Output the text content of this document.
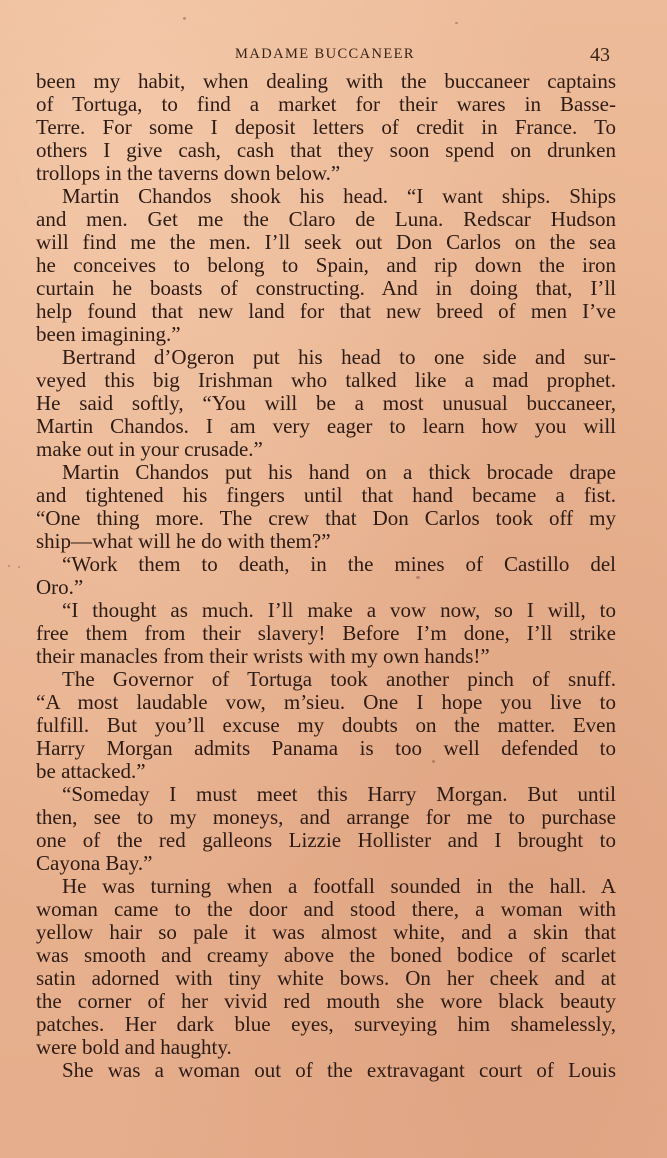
MADAME BUCCANEER	43
been my habit, when dealing with the buccaneer captains
of Tortuga, to find a market for their wares in Basse-
Terre. For some I deposit letters of credit in France. To
others I give cash, cash that they soon spend on drunken
trollops in the taverns down below.”
Martin Chandos shook his head. “I want ships. Ships
and men. Get me the Claro de Luna. Redscar Hudson
will find me the men. I’ll seek out Don Carlos on the sea
he conceives to belong to Spain, and rip down the iron
curtain he boasts of constructing. And in doing that, I’ll
help found that new land for that new breed of men I’ve
been imagining.”
Bertrand d’Ogeron put his head to one side and sur-
veyed this big Irishman who talked like a mad prophet.
He said softly, “You will be a most unusual buccaneer,
Martin Chandos. I am very eager to learn how you will
make out in your crusade.”
Martin Chandos put his hand on a thick brocade drape
and tightened his fingers until that hand became a fist.
“One thing more. The crew that Don Carlos took off my
ship—what will he do with them?”
“Work them to death, in the mines of Castillo del
Oro.”
“I thought as much. I’ll make a vow now, so I will, to
free them from their slavery! Before I’m done, I’ll strike
their manacles from their wrists with my own hands!”
The Governor of Tortuga took another pinch of snuff.
“A most laudable vow, m’sieu. One I hope you live to
fulfill. But you’ll excuse my doubts on the matter. Even
Harry Morgan admits Panama is too well defended to
be attacked.”
“Someday I must meet this Harry Morgan. But until
then, see to my moneys, and arrange for me to purchase
one of the red galleons Lizzie Hollister and I brought to
Cayona Bay.”
He was turning when a footfall sounded in the hall. A
woman came to the door and stood there, a woman with
yellow hair so pale it was almost white, and a skin that
was smooth and creamy above the boned bodice of scarlet
satin adorned with tiny white bows. On her cheek and at
the corner of her vivid red mouth she wore black beauty
patches. Her dark blue eyes, surveying him shamelessly,
were bold and haughty.
She was a woman out of the extravagant court of Louis
